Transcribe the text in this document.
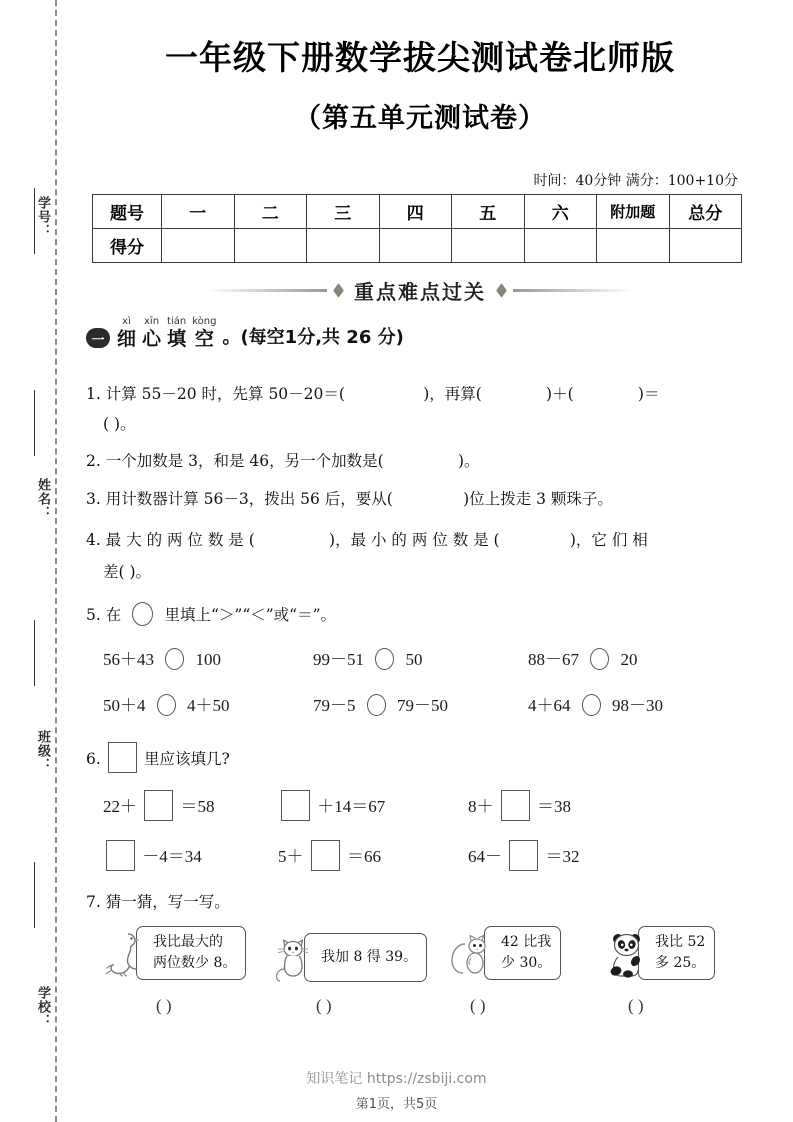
学号：
姓名：
班级：
学校：
一年级下册数学拔尖测试卷北师版
（第五单元测试卷）
时间：40分钟 满分：100+10分
题号	一	二	三	四	五	六	附加题	总分
得分								
重点难点过关
一
xì
细
xīn
心
tián
填
kòng
空 。(每空1分,共 26 分)
1. 计算 55－20 时，先算 50－20＝(	)，再算(	)＋(	)＝
( )。
2. 一个加数是 3，和是 46，另一个加数是(	)。
3. 用计数器计算 56－3，拨出 56 后，要从(	)位上拨走 3 颗珠子。
4. 最 大 的 两 位 数 是 (	)，最 小 的 两 位 数 是 (	)，它 们 相
差( )。
5. 在	里填上“＞”“＜”或“＝”。
56＋43 100	99－51 50	88－67 20
50＋4 4＋50	79－5 79－50	4＋64 98－30
6.	里应该填几?
22＋	＝58	＋14＝67	8＋	＝38
－4＝34	5＋	＝66	64－	＝32
7. 猜一猜，写一写。
我比最大的
两位数少 8。	我加 8 得 39。
42 比我
少 30。
我比 52
多 25。
( )	( )	( )	( )
知识笔记 https://zsbiji.com
第1页，共5页
